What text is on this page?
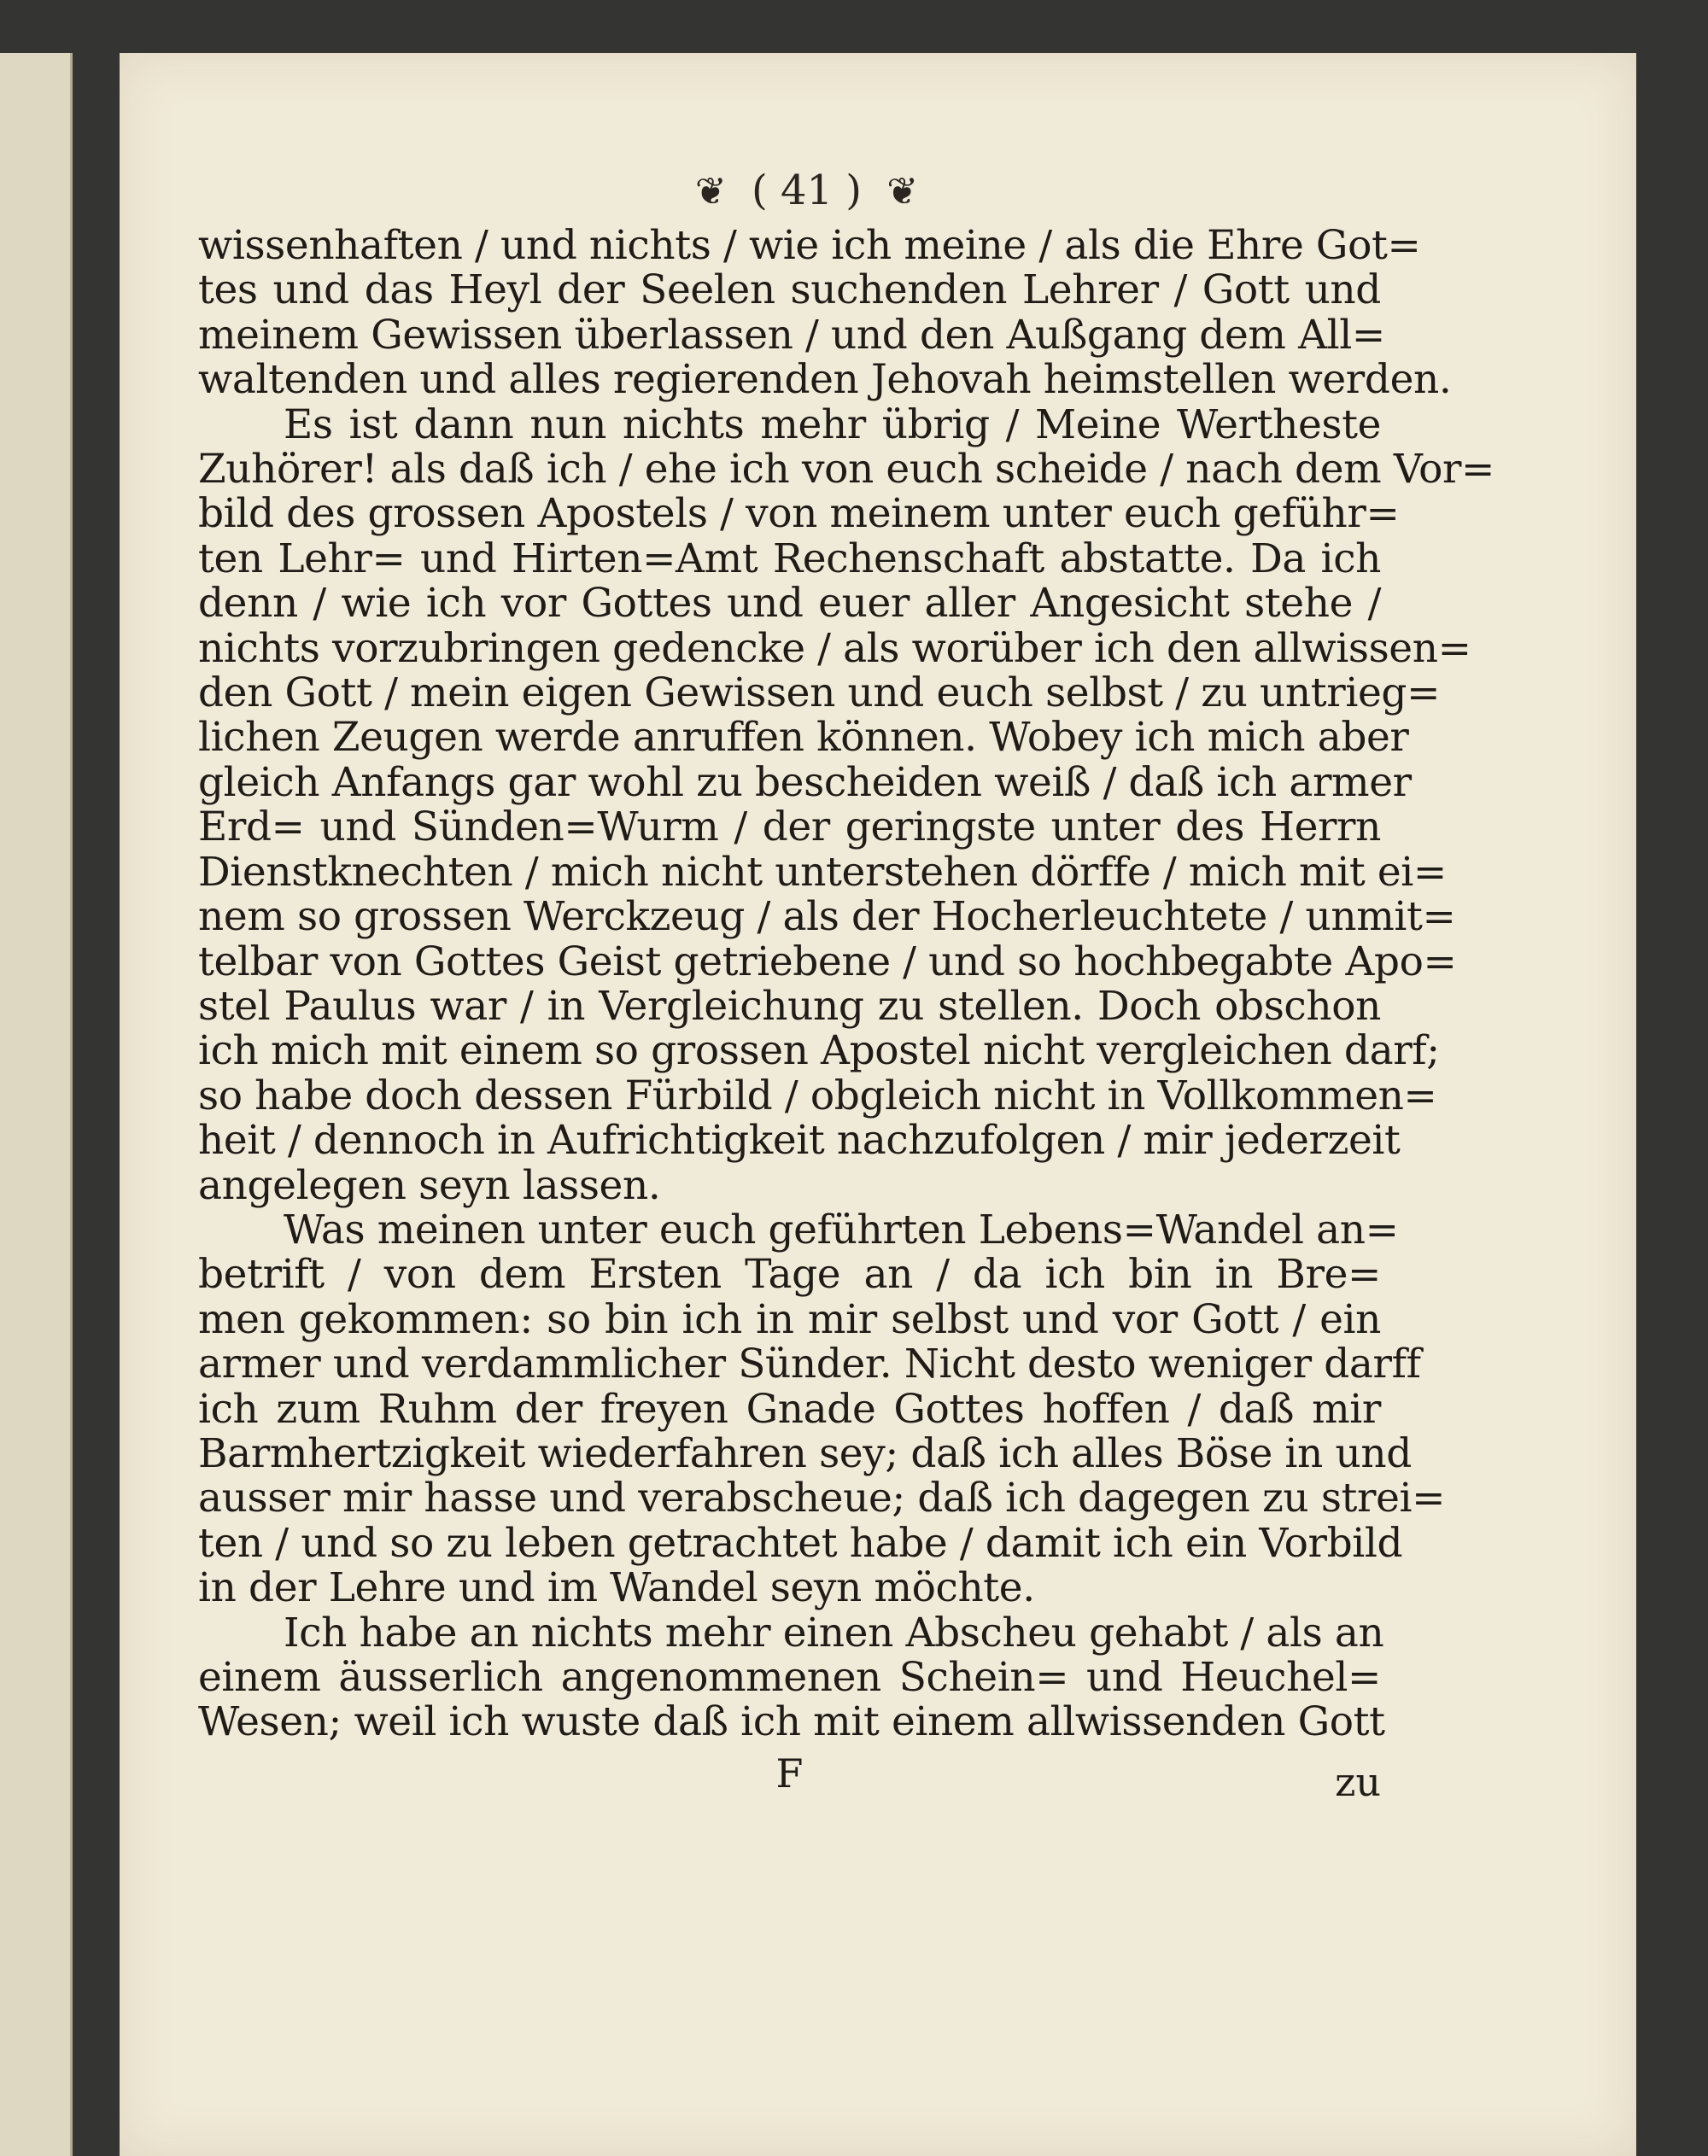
❦ ( 41 ) ❦
wissenhaften / und nichts / wie ich meine / als die Ehre Got=
tes und das Heyl der Seelen suchenden Lehrer / Gott und
meinem Gewissen überlassen / und den Außgang dem All=
waltenden und alles regierenden Jehovah heimstellen werden.
Es ist dann nun nichts mehr übrig / Meine Wertheste
Zuhörer! als daß ich / ehe ich von euch scheide / nach dem Vor=
bild des grossen Apostels / von meinem unter euch geführ=
ten Lehr= und Hirten=Amt Rechenschaft abstatte. Da ich
denn / wie ich vor Gottes und euer aller Angesicht stehe /
nichts vorzubringen gedencke / als worüber ich den allwissen=
den Gott / mein eigen Gewissen und euch selbst / zu untrieg=
lichen Zeugen werde anruffen können. Wobey ich mich aber
gleich Anfangs gar wohl zu bescheiden weiß / daß ich armer
Erd= und Sünden=Wurm / der geringste unter des Herrn
Dienstknechten / mich nicht unterstehen dörffe / mich mit ei=
nem so grossen Werckzeug / als der Hocherleuchtete / unmit=
telbar von Gottes Geist getriebene / und so hochbegabte Apo=
stel Paulus war / in Vergleichung zu stellen. Doch obschon
ich mich mit einem so grossen Apostel nicht vergleichen darf;
so habe doch dessen Fürbild / obgleich nicht in Vollkommen=
heit / dennoch in Aufrichtigkeit nachzufolgen / mir jederzeit
angelegen seyn lassen.
Was meinen unter euch geführten Lebens=Wandel an=
betrift / von dem Ersten Tage an / da ich bin in Bre=
men gekommen: so bin ich in mir selbst und vor Gott / ein
armer und verdammlicher Sünder. Nicht desto weniger darff
ich zum Ruhm der freyen Gnade Gottes hoffen / daß mir
Barmhertzigkeit wiederfahren sey; daß ich alles Böse in und
ausser mir hasse und verabscheue; daß ich dagegen zu strei=
ten / und so zu leben getrachtet habe / damit ich ein Vorbild
in der Lehre und im Wandel seyn möchte.
Ich habe an nichts mehr einen Abscheu gehabt / als an
einem äusserlich angenommenen Schein= und Heuchel=
Wesen; weil ich wuste daß ich mit einem allwissenden Gott
F	zu
